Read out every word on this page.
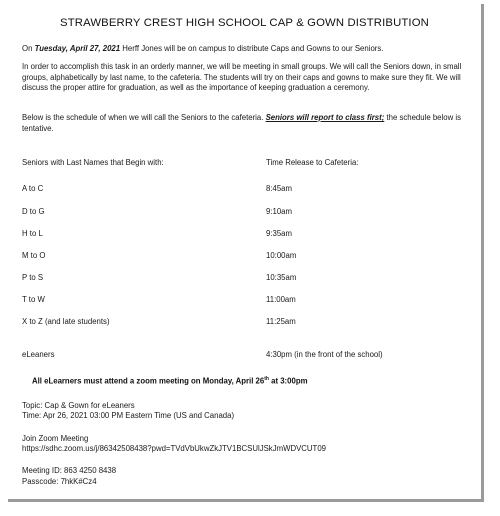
STRAWBERRY CREST HIGH SCHOOL CAP & GOWN DISTRIBUTION
On Tuesday, April 27, 2021 Herff Jones will be on campus to distribute Caps and Gowns to our Seniors.
In order to accomplish this task in an orderly manner, we will be meeting in small groups. We will call the Seniors down, in small groups, alphabetically by last name, to the cafeteria. The students will try on their caps and gowns to make sure they fit. We will discuss the proper attire for graduation, as well as the importance of keeping graduation a ceremony.
Below is the schedule of when we will call the Seniors to the cafeteria. Seniors will report to class first; the schedule below is tentative.
Seniors with Last Names that Begin with:	Time Release to Cafeteria:
A to C	8:45am
D to G	9:10am
H to L	9:35am
M to O	10:00am
P to S	10:35am
T to W	11:00am
X to Z (and late students)	11:25am
eLeaners	4:30pm (in the front of the school)
All eLearners must attend a zoom meeting on Monday, April 26th at 3:00pm
Topic: Cap & Gown for eLeaners
Time: Apr 26, 2021 03:00 PM Eastern Time (US and Canada)
Join Zoom Meeting
https://sdhc.zoom.us/j/86342508438?pwd=TVdVbUkwZkJTV1BCSUlJSkJmWDVCUT09
Meeting ID: 863 4250 8438
Passcode: 7hkK#Cz4
